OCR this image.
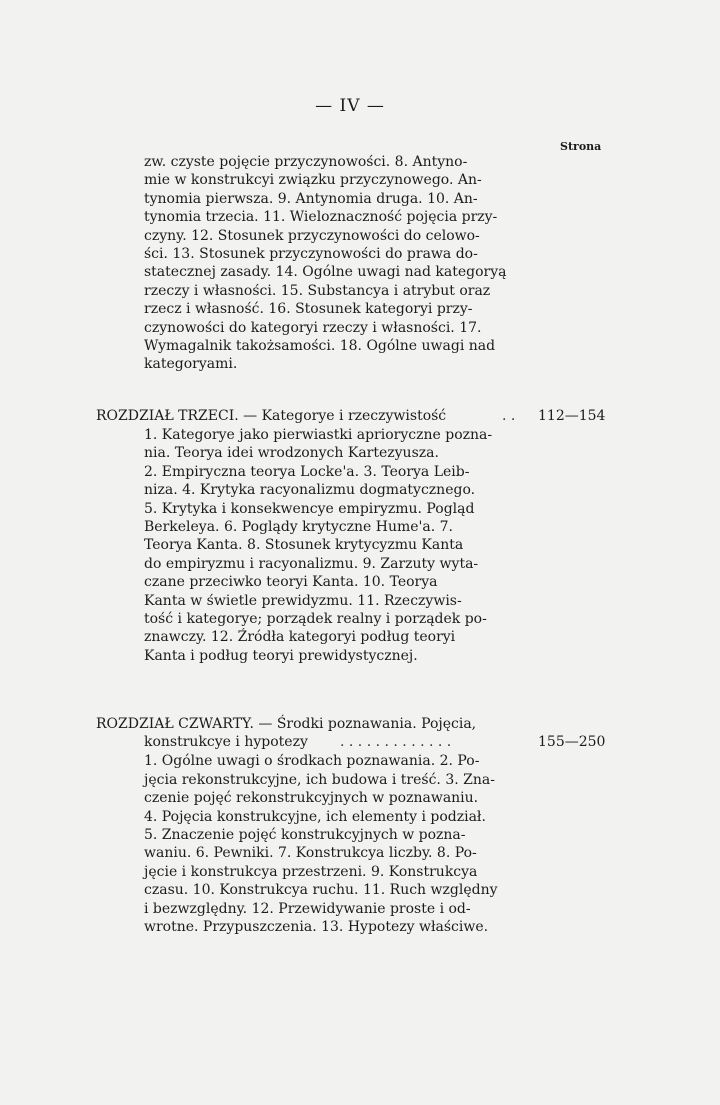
— IV —
Strona
zw. czyste pojęcie przyczynowości. 8. Antyno-
mie w konstrukcyi związku przyczynowego. An-
tynomia pierwsza. 9. Antynomia druga. 10. An-
tynomia trzecia. 11. Wieloznaczność pojęcia przy-
czyny. 12. Stosunek przyczynowości do celowo-
ści. 13. Stosunek przyczynowości do prawa do-
statecznej zasady. 14. Ogólne uwagi nad kategoryą
rzeczy i własności. 15. Substancya i atrybut oraz
rzecz i własność. 16. Stosunek kategoryi przy-
czynowości do kategoryi rzeczy i własności. 17.
Wymagalnik takożsamości. 18. Ogólne uwagi nad
kategoryami.
ROZDZIAŁ TRZECI. — Kategorye i rzeczywistość	. . 112—154
1. Kategorye jako pierwiastki aprioryczne pozna-
nia. Teorya idei wrodzonych Kartezyusza.
2. Empiryczna teorya Locke'a. 3. Teorya Leib-
niza. 4. Krytyka racyonalizmu dogmatycznego.
5. Krytyka i konsekwencye empiryzmu. Pogląd
Berkeleya. 6. Poglądy krytyczne Hume'a. 7.
Teorya Kanta. 8. Stosunek krytycyzmu Kanta
do empiryzmu i racyonalizmu. 9. Zarzuty wyta-
czane przeciwko teoryi Kanta. 10. Teorya
Kanta w świetle prewidyzmu. 11. Rzeczywis-
tość i kategorye; porządek realny i porządek po-
znawczy. 12. Źródła kategoryi podług teoryi
Kanta i podług teoryi prewidystycznej.
ROZDZIAŁ CZWARTY. — Środki poznawania. Pojęcia,
konstrukcye i hypotezy . . . . . . . . . . . . .	155—250
1. Ogólne uwagi o środkach poznawania. 2. Po-
jęcia rekonstrukcyjne, ich budowa i treść. 3. Zna-
czenie pojęć rekonstrukcyjnych w poznawaniu.
4. Pojęcia konstrukcyjne, ich elementy i podział.
5. Znaczenie pojęć konstrukcyjnych w pozna-
waniu. 6. Pewniki. 7. Konstrukcya liczby. 8. Po-
jęcie i konstrukcya przestrzeni. 9. Konstrukcya
czasu. 10. Konstrukcya ruchu. 11. Ruch względny
i bezwzględny. 12. Przewidywanie proste i od-
wrotne. Przypuszczenia. 13. Hypotezy właściwe.
